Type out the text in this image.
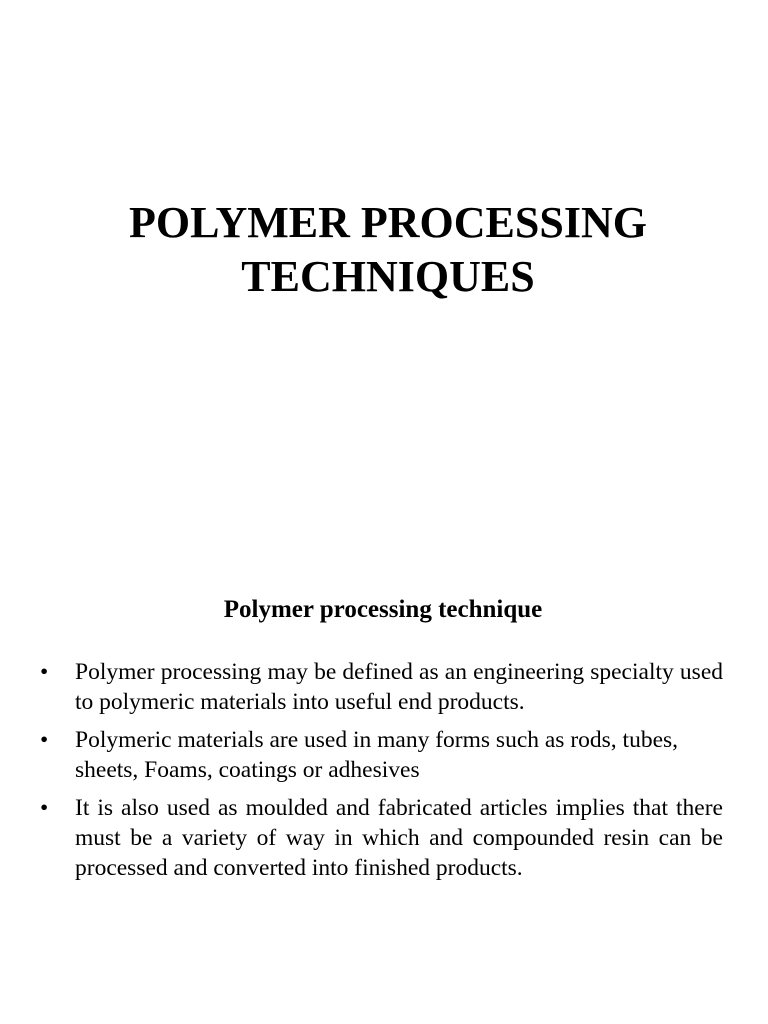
POLYMER PROCESSING
TECHNIQUES
Polymer processing technique
• Polymer processing may be defined as an engineering specialty used to polymeric materials into useful end products.
• Polymeric materials are used in many forms such as rods, tubes, sheets, Foams, coatings or adhesives
• It is also used as moulded and fabricated articles implies that there must be a variety of way in which and compounded resin can be processed and converted into finished products.
